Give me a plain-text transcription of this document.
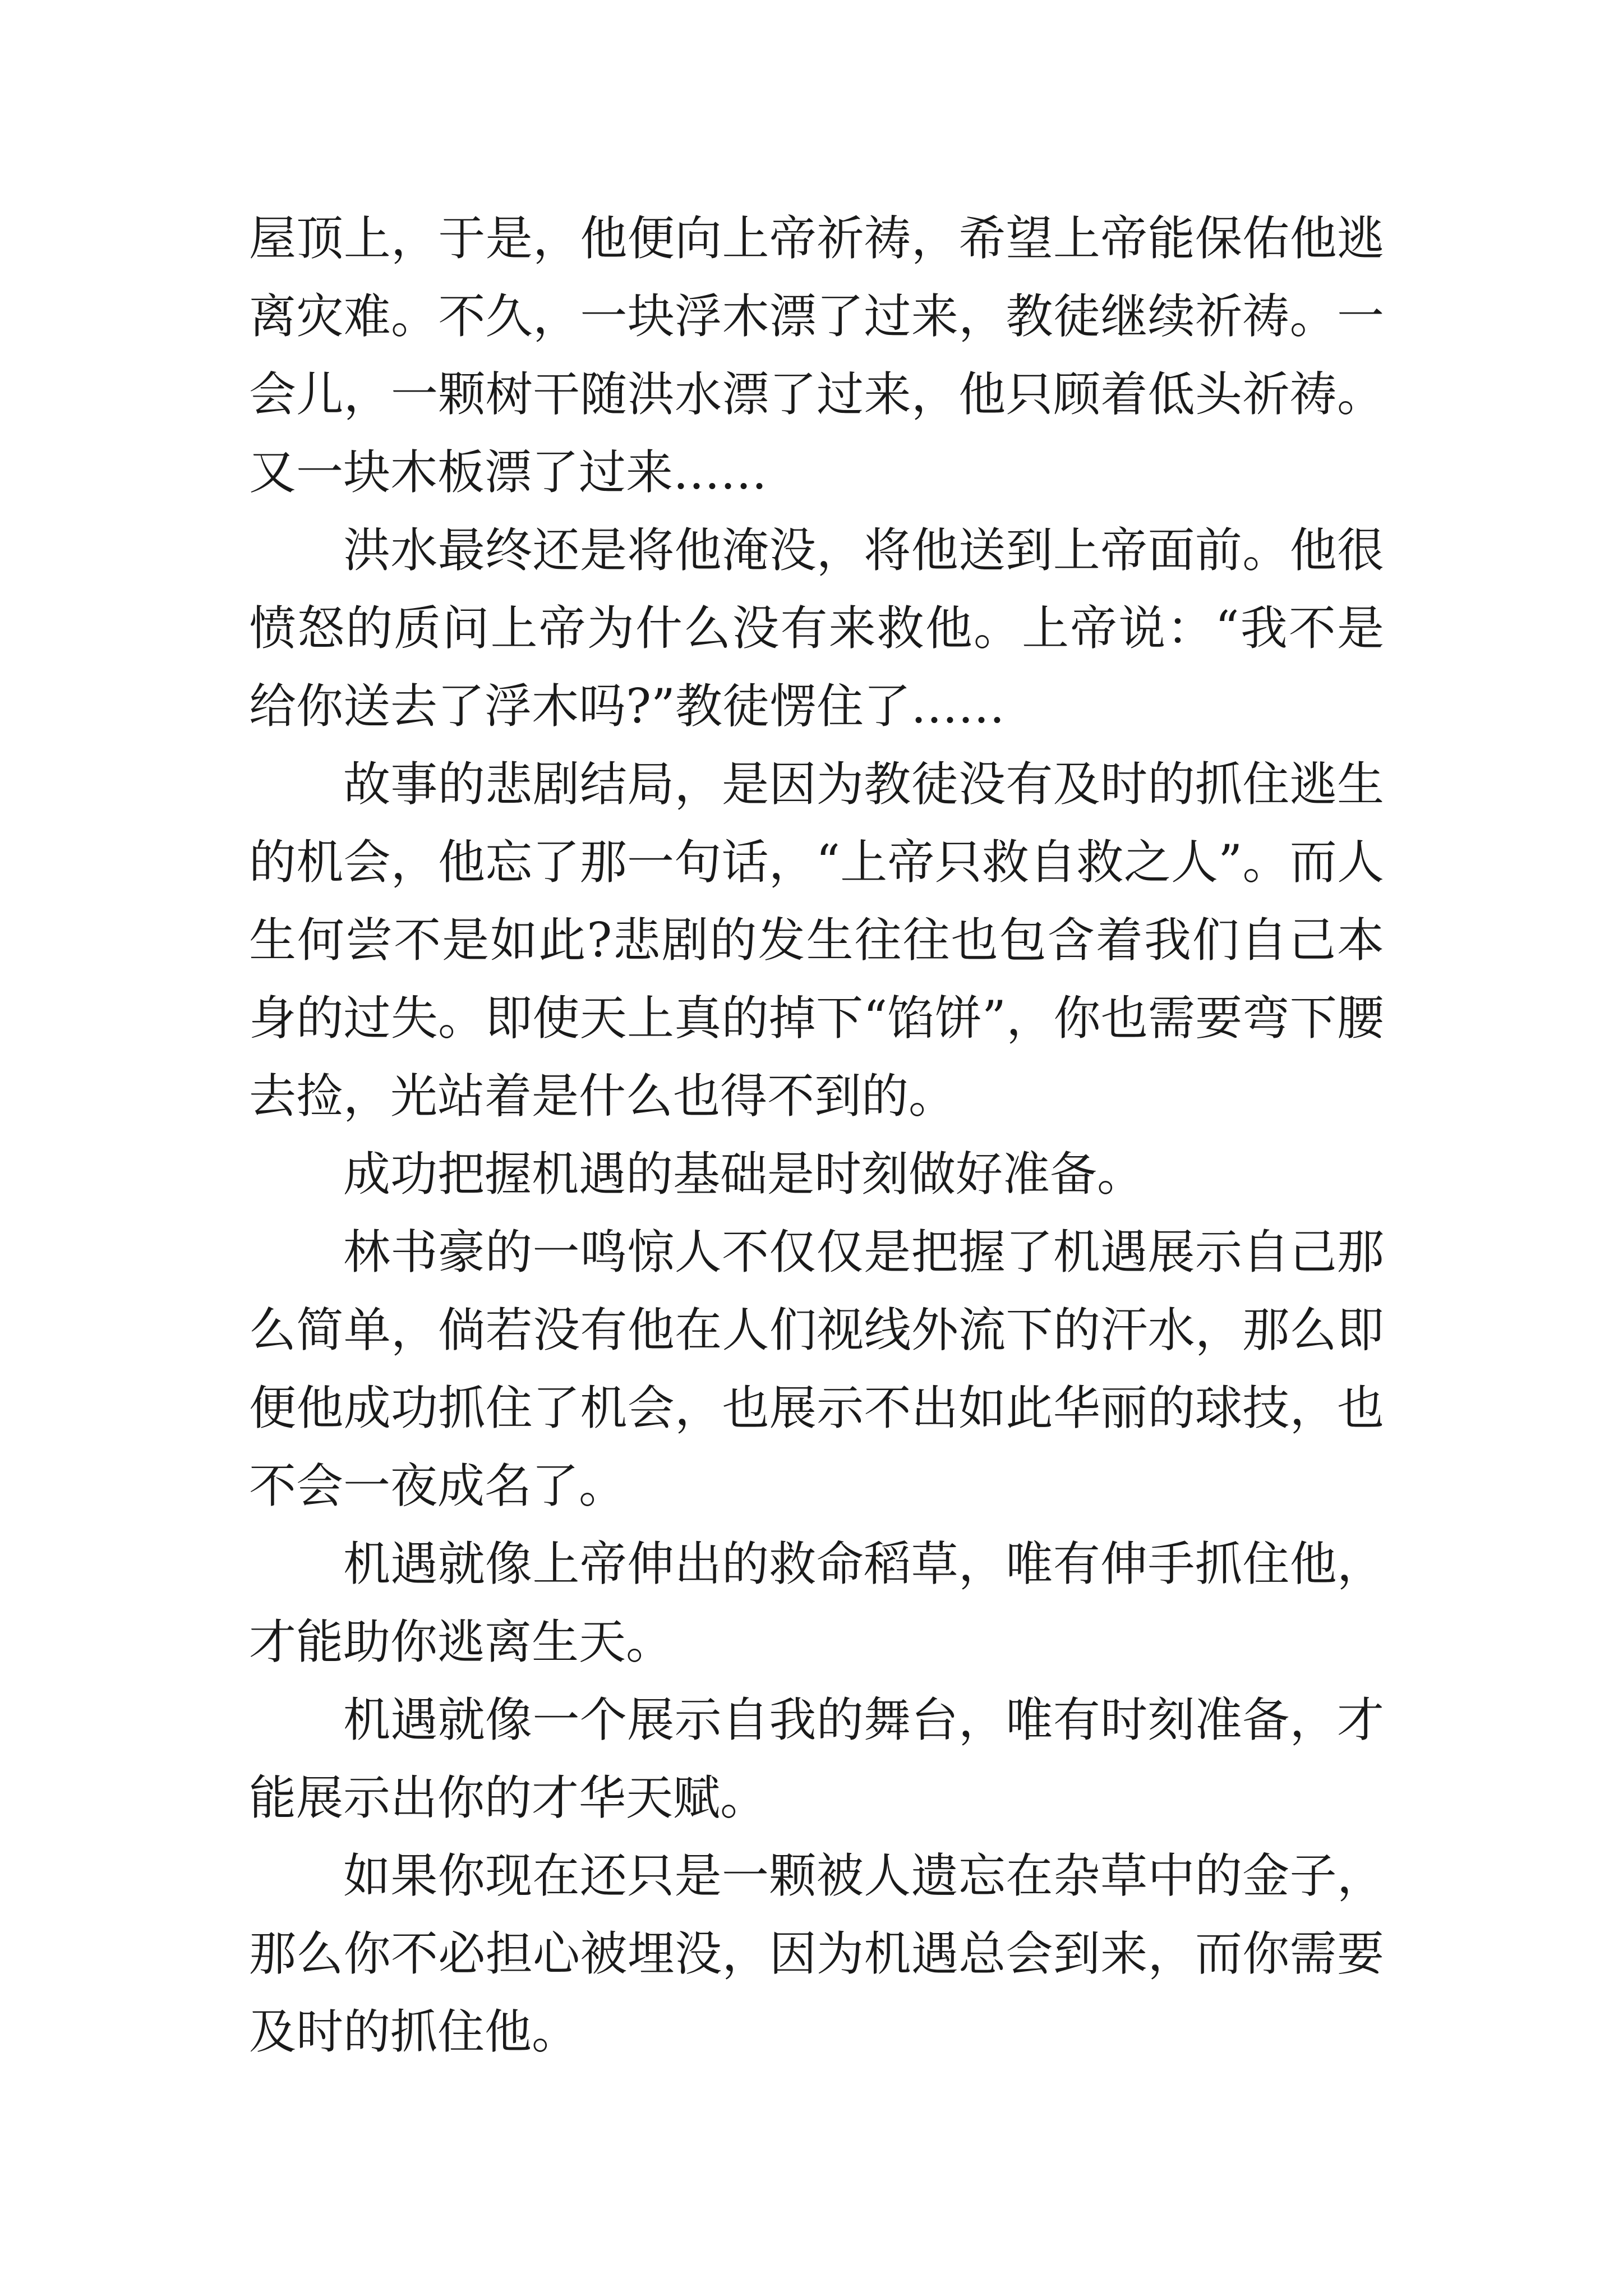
屋顶上，于是，他便向上帝祈祷，希望上帝能保佑他逃离灾难。不久，一块浮木漂了过来，教徒继续祈祷。一会儿，一颗树干随洪水漂了过来，他只顾着低头祈祷。又一块木板漂了过来……

洪水最终还是将他淹没，将他送到上帝面前。他很愤怒的质问上帝为什么没有来救他。上帝说：“我不是给你送去了浮木吗?”教徒愣住了……

故事的悲剧结局，是因为教徒没有及时的抓住逃生的机会，他忘了那一句话，“上帝只救自救之人”。而人生何尝不是如此?悲剧的发生往往也包含着我们自己本身的过失。即使天上真的掉下“馅饼”，你也需要弯下腰去捡，光站着是什么也得不到的。

成功把握机遇的基础是时刻做好准备。

林书豪的一鸣惊人不仅仅是把握了机遇展示自己那么简单，倘若没有他在人们视线外流下的汗水，那么即便他成功抓住了机会，也展示不出如此华丽的球技，也不会一夜成名了。

机遇就像上帝伸出的救命稻草，唯有伸手抓住他，才能助你逃离生天。

机遇就像一个展示自我的舞台，唯有时刻准备，才能展示出你的才华天赋。

如果你现在还只是一颗被人遗忘在杂草中的金子，那么你不必担心被埋没，因为机遇总会到来，而你需要及时的抓住他。
